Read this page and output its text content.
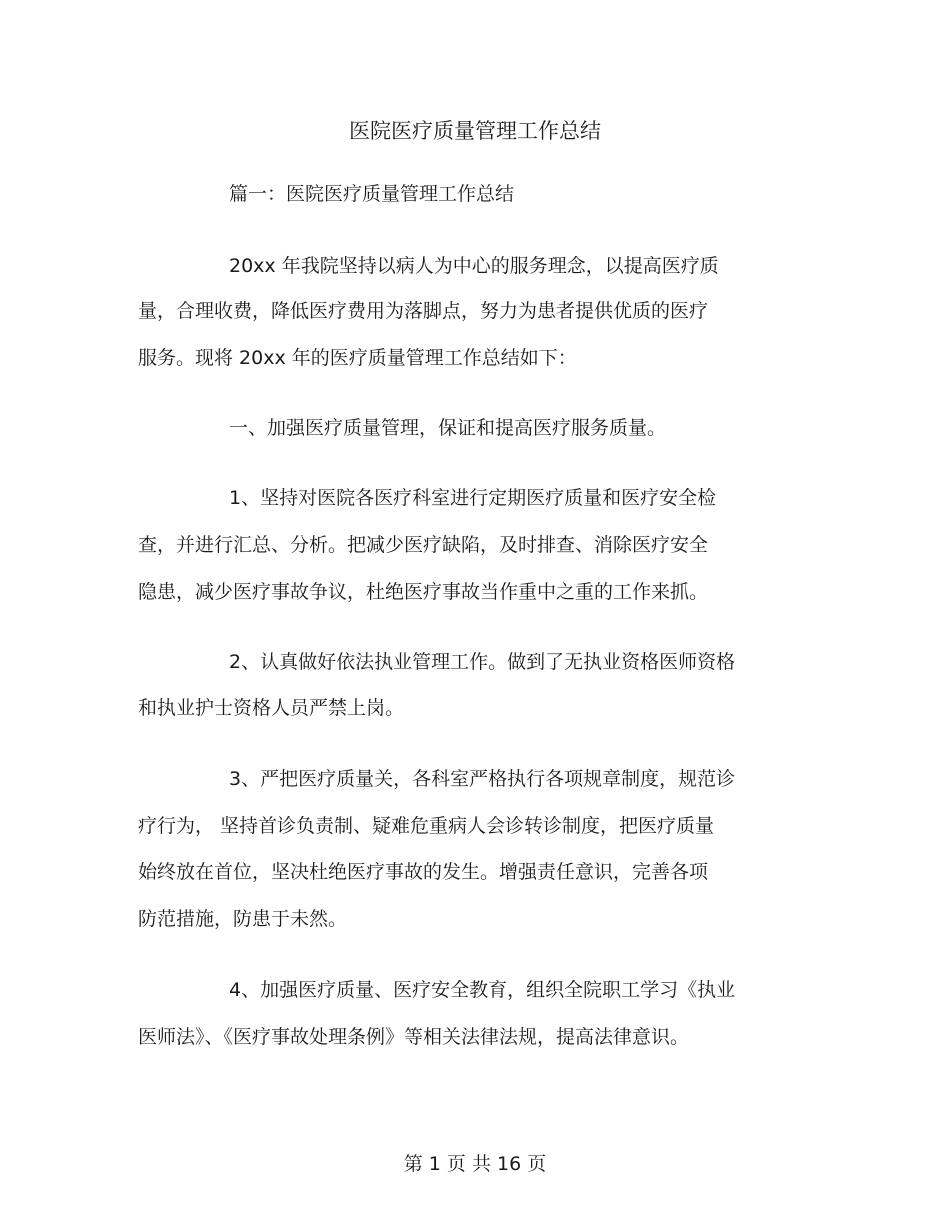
医院医疗质量管理工作总结
篇一：医院医疗质量管理工作总结
20xx 年我院坚持以病人为中心的服务理念，以提高医疗质
量，合理收费，降低医疗费用为落脚点，努力为患者提供优质的医疗
服务。现将 20xx 年的医疗质量管理工作总结如下：
一、加强医疗质量管理，保证和提高医疗服务质量。
1、坚持对医院各医疗科室进行定期医疗质量和医疗安全检
查，并进行汇总、分析。把减少医疗缺陷，及时排查、消除医疗安全
隐患，减少医疗事故争议，杜绝医疗事故当作重中之重的工作来抓。
2、认真做好依法执业管理工作。做到了无执业资格医师资格
和执业护士资格人员严禁上岗。
3、严把医疗质量关，各科室严格执行各项规章制度，规范诊
疗行为， 坚持首诊负责制、疑难危重病人会诊转诊制度，把医疗质量
始终放在首位，坚决杜绝医疗事故的发生。增强责任意识，完善各项
防范措施，防患于未然。
4、加强医疗质量、医疗安全教育，组织全院职工学习《执业
医师法》、《医疗事故处理条例》等相关法律法规，提高法律意识。
第 1 页 共 16 页
